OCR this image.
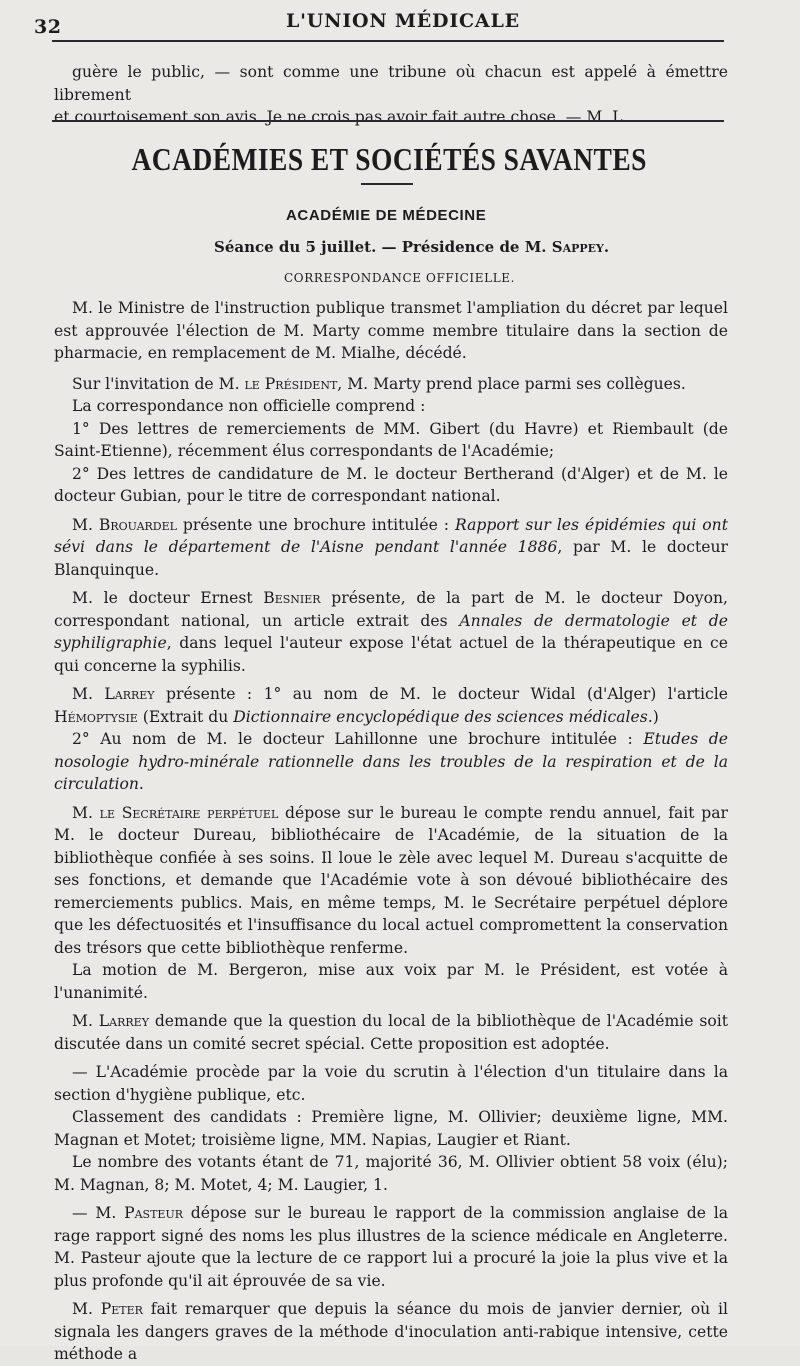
32	L'UNION MÉDICALE

guère le public, — sont comme une tribune où chacun est appelé à émettre librement

et courtoisement son avis. Je ne crois pas avoir fait autre chose. — M. L.

ACADÉMIES ET SOCIÉTÉS SAVANTES
ACADÉMIE DE MÉDECINE
Séance du 5 juillet. — Présidence de M. Sappey.
CORRESPONDANCE OFFICIELLE.

M. le Ministre de l'instruction publique transmet l'ampliation du décret par lequel est approuvée l'élection de M. Marty comme membre titulaire dans la section de pharmacie, en remplacement de M. Mialhe, décédé.

Sur l'invitation de M. le Président, M. Marty prend place parmi ses collègues.

La correspondance non officielle comprend :

1° Des lettres de remerciements de MM. Gibert (du Havre) et Riembault (de Saint-Etienne), récemment élus correspondants de l'Académie;

2° Des lettres de candidature de M. le docteur Bertherand (d'Alger) et de M. le docteur Gubian, pour le titre de correspondant national.

M. Brouardel présente une brochure intitulée : Rapport sur les épidémies qui ont sévi dans le département de l'Aisne pendant l'année 1886, par M. le docteur Blanquinque.

M. le docteur Ernest Besnier présente, de la part de M. le docteur Doyon, correspondant national, un article extrait des Annales de dermatologie et de syphiligraphie, dans lequel l'auteur expose l'état actuel de la thérapeutique en ce qui concerne la syphilis.

M. Larrey présente : 1° au nom de M. le docteur Widal (d'Alger) l'article Hémoptysie (Extrait du Dictionnaire encyclopédique des sciences médicales.)

2° Au nom de M. le docteur Lahillonne une brochure intitulée : Etudes de nosologie hydro-minérale rationnelle dans les troubles de la respiration et de la circulation.

M. le Secrétaire perpétuel dépose sur le bureau le compte rendu annuel, fait par M. le docteur Dureau, bibliothécaire de l'Académie, de la situation de la bibliothèque confiée à ses soins. Il loue le zèle avec lequel M. Dureau s'acquitte de ses fonctions, et demande que l'Académie vote à son dévoué bibliothécaire des remerciements publics. Mais, en même temps, M. le Secrétaire perpétuel déplore que les défectuosités et l'insuffisance du local actuel compromettent la conservation des trésors que cette bibliothèque renferme.

La motion de M. Bergeron, mise aux voix par M. le Président, est votée à l'unanimité.

M. Larrey demande que la question du local de la bibliothèque de l'Académie soit discutée dans un comité secret spécial. Cette proposition est adoptée.

— L'Académie procède par la voie du scrutin à l'élection d'un titulaire dans la section d'hygiène publique, etc.

Classement des candidats : Première ligne, M. Ollivier; deuxième ligne, MM. Magnan et Motet; troisième ligne, MM. Napias, Laugier et Riant.

Le nombre des votants étant de 71, majorité 36, M. Ollivier obtient 58 voix (élu); M. Magnan, 8; M. Motet, 4; M. Laugier, 1.

— M. Pasteur dépose sur le bureau le rapport de la commission anglaise de la rage rapport signé des noms les plus illustres de la science médicale en Angleterre. M. Pasteur ajoute que la lecture de ce rapport lui a procuré la joie la plus vive et la plus profonde qu'il ait éprouvée de sa vie.

M. Peter fait remarquer que depuis la séance du mois de janvier dernier, où il signala les dangers graves de la méthode d'inoculation anti-rabique intensive, cette méthode a
